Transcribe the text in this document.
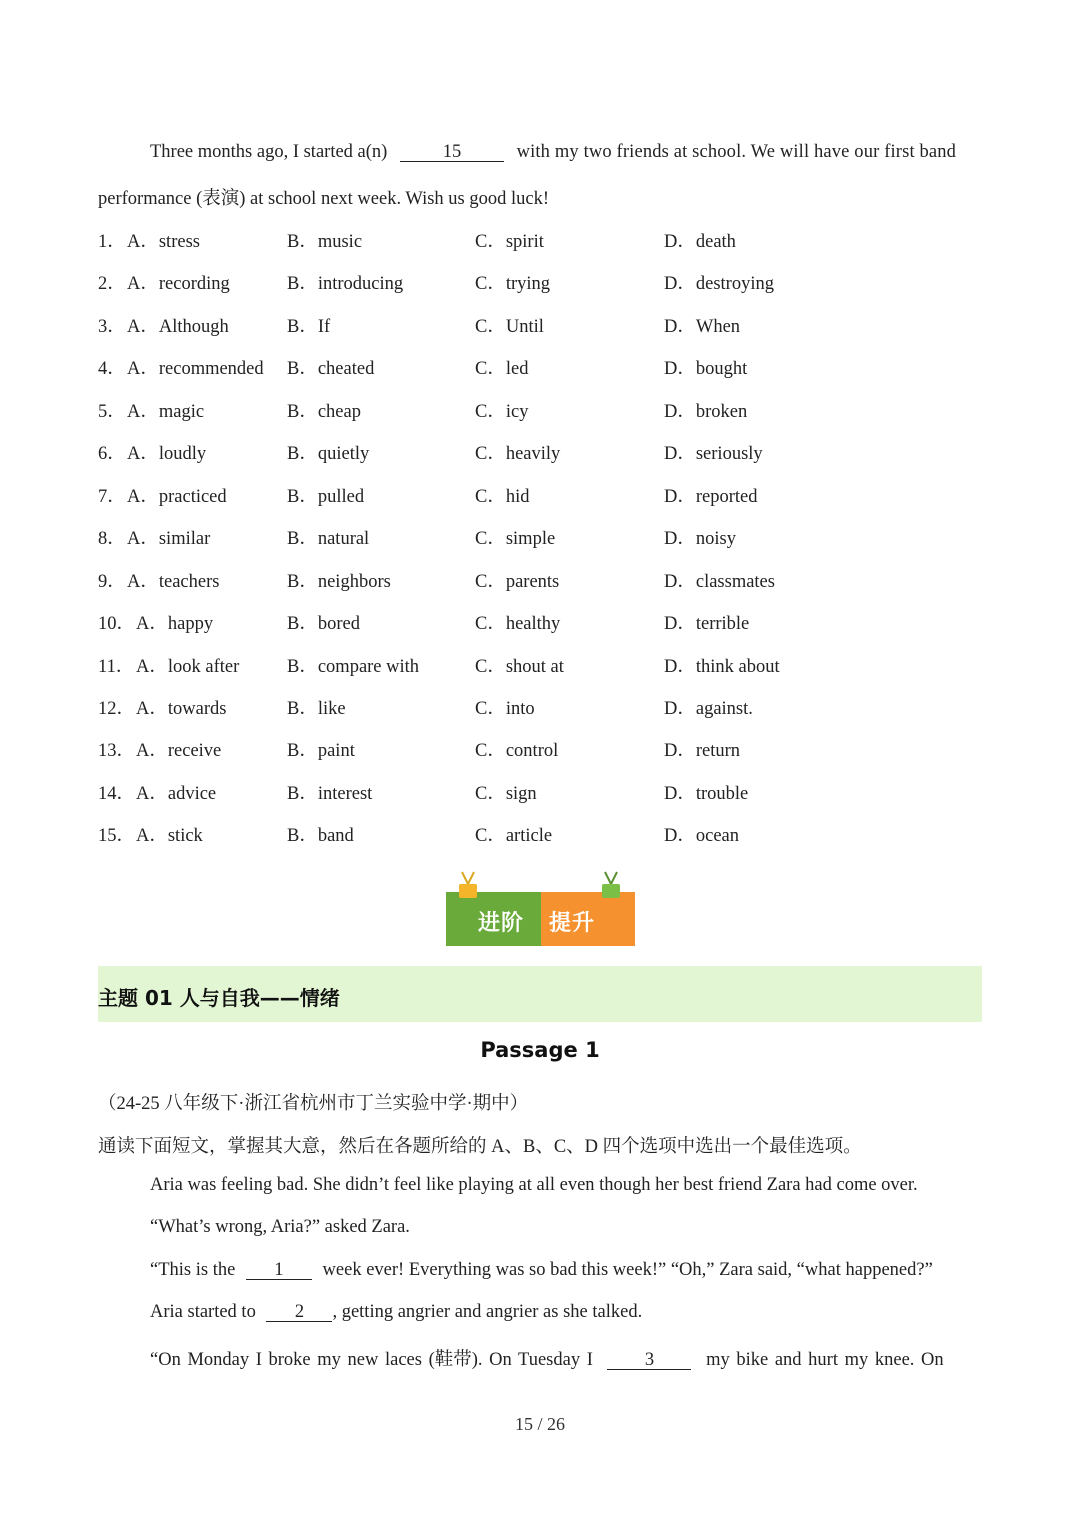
Three months ago, I started a(n)	15	with my two friends at school. We will have our first band
performance (表演) at school next week. Wish us good luck!
1． A．stress	B．music	C．spirit	D．death
2． A．recording	B．introducing	C．trying	D．destroying
3． A．Although	B．If	C．Until	D．When
4． A．recommended B．cheated	C．led	D．bought
5． A．magic	B．cheap	C．icy	D．broken
6． A．loudly	B．quietly	C．heavily	D．seriously
7． A．practiced	B．pulled	C．hid	D．reported
8． A．similar	B．natural	C．simple	D．noisy
9． A．teachers	B．neighbors	C．parents	D．classmates
10． A．happy	B．bored	C．healthy	D．terrible
11． A．look after	B．compare with	C．shout at	D．think about
12． A．towards	B．like	C．into	D．against.
13． A．receive	B．paint	C．control	D．return
14． A．advice	B．interest	C．sign	D．trouble
15． A．stick	B．band	C．article	D．ocean
进阶 提升
主题 01 人与自我——情绪
Passage 1
（24-25 八年级下·浙江省杭州市丁兰实验中学·期中）
通读下面短文，掌握其大意，然后在各题所给的 A、B、C、D 四个选项中选出一个最佳选项。
Aria was feeling bad. She didn’t feel like playing at all even though her best friend Zara had come over.
“What’s wrong, Aria?” asked Zara.
“This is the 1 week ever! Everything was so bad this week!” “Oh,” Zara said, “what happened?”
Aria started to 2 , getting angrier and angrier as she talked.
“On Monday I broke my new laces (鞋带). On Tuesday I	3	my bike and hurt my knee. On
15 / 26
